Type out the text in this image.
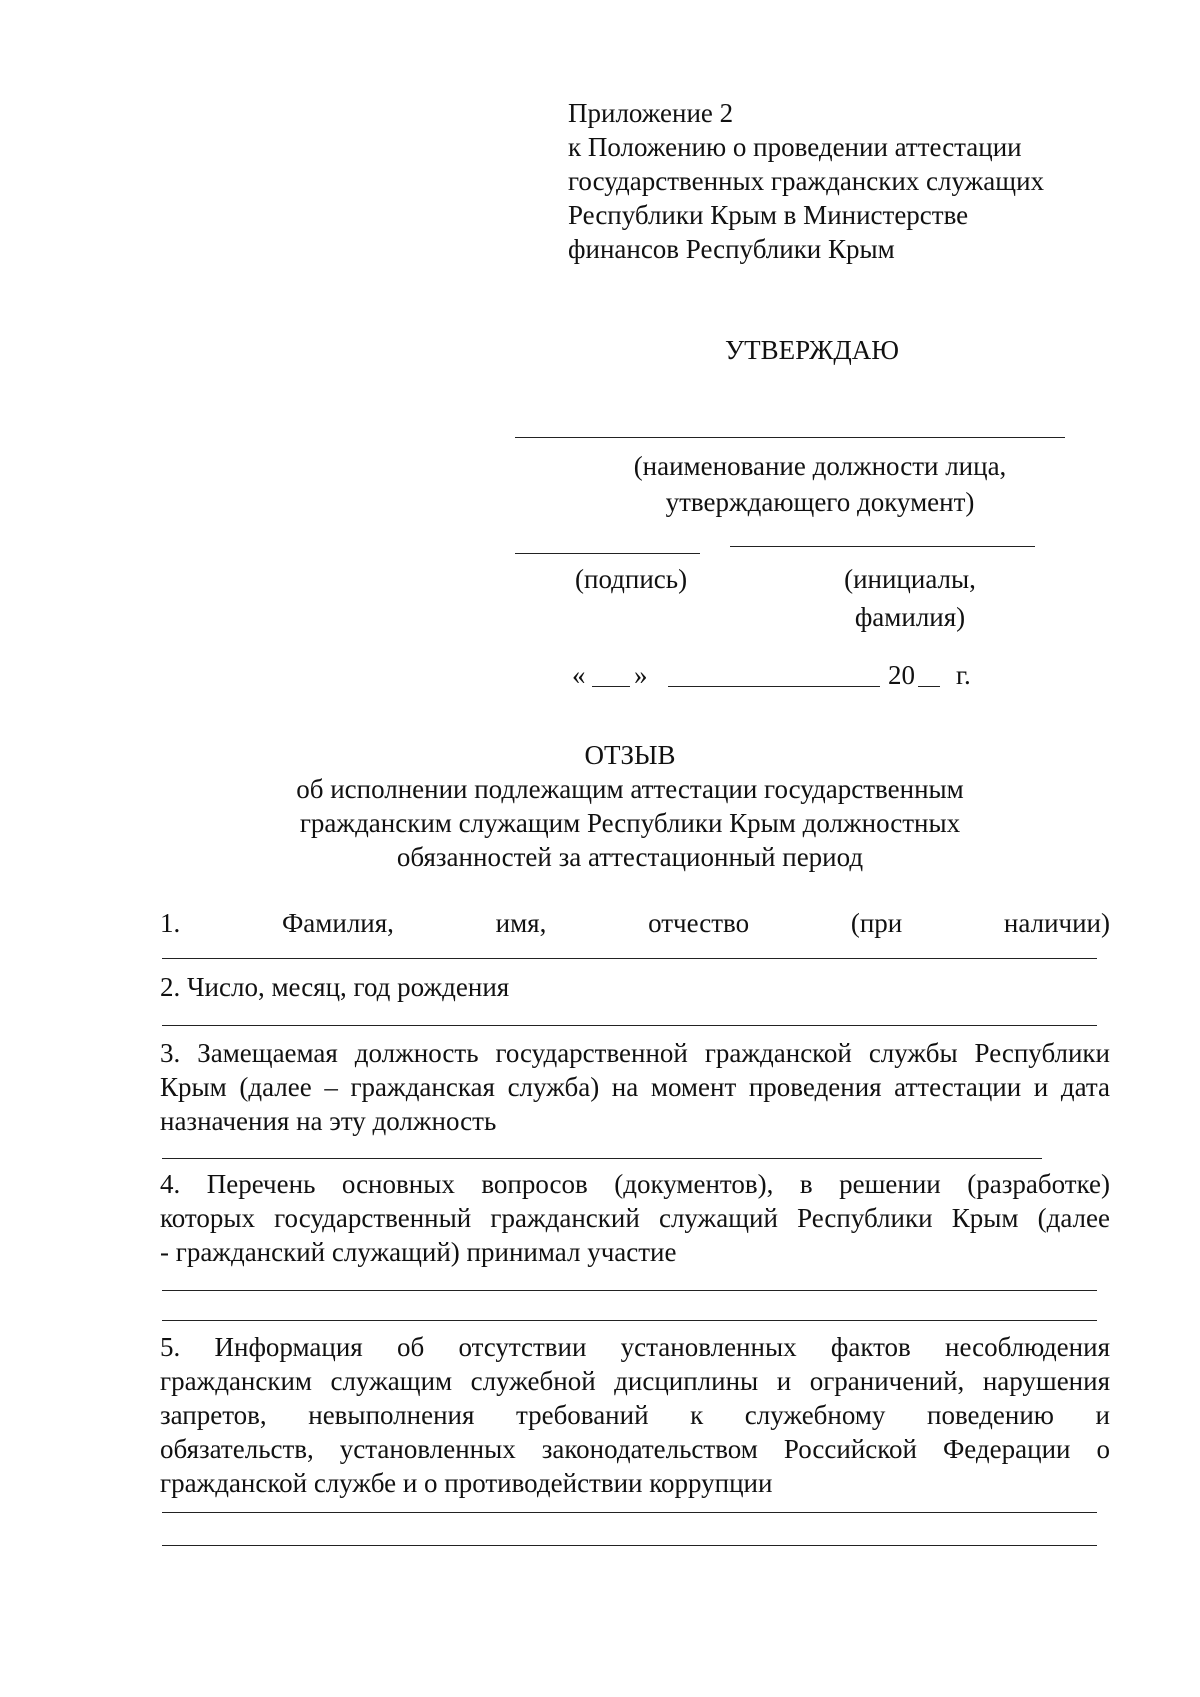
Приложение 2
к Положению о проведении аттестации
государственных гражданских служащих
Республики Крым в Министерстве
финансов Республики Крым
УТВЕРЖДАЮ
(наименование должности лица,
утверждающего документ)
(подпись)	(инициалы,
фамилия)
« »	20 г.
ОТЗЫВ
об исполнении подлежащим аттестации государственным
гражданским служащим Республики Крым должностных
обязанностей за аттестационный период
1. Фамилия, имя, отчество (при наличии)
2. Число, месяц, год рождения
3. Замещаемая должность государственной гражданской службы Республики
Крым (далее – гражданская служба) на момент проведения аттестации и дата
назначения на эту должность
4. Перечень основных вопросов (документов), в решении (разработке)
которых государственный гражданский служащий Республики Крым (далее
- гражданский служащий) принимал участие
5. Информация об отсутствии установленных фактов несоблюдения
гражданским служащим служебной дисциплины и ограничений, нарушения
запретов, невыполнения требований к служебному поведению и
обязательств, установленных законодательством Российской Федерации о
гражданской службе и о противодействии коррупции
